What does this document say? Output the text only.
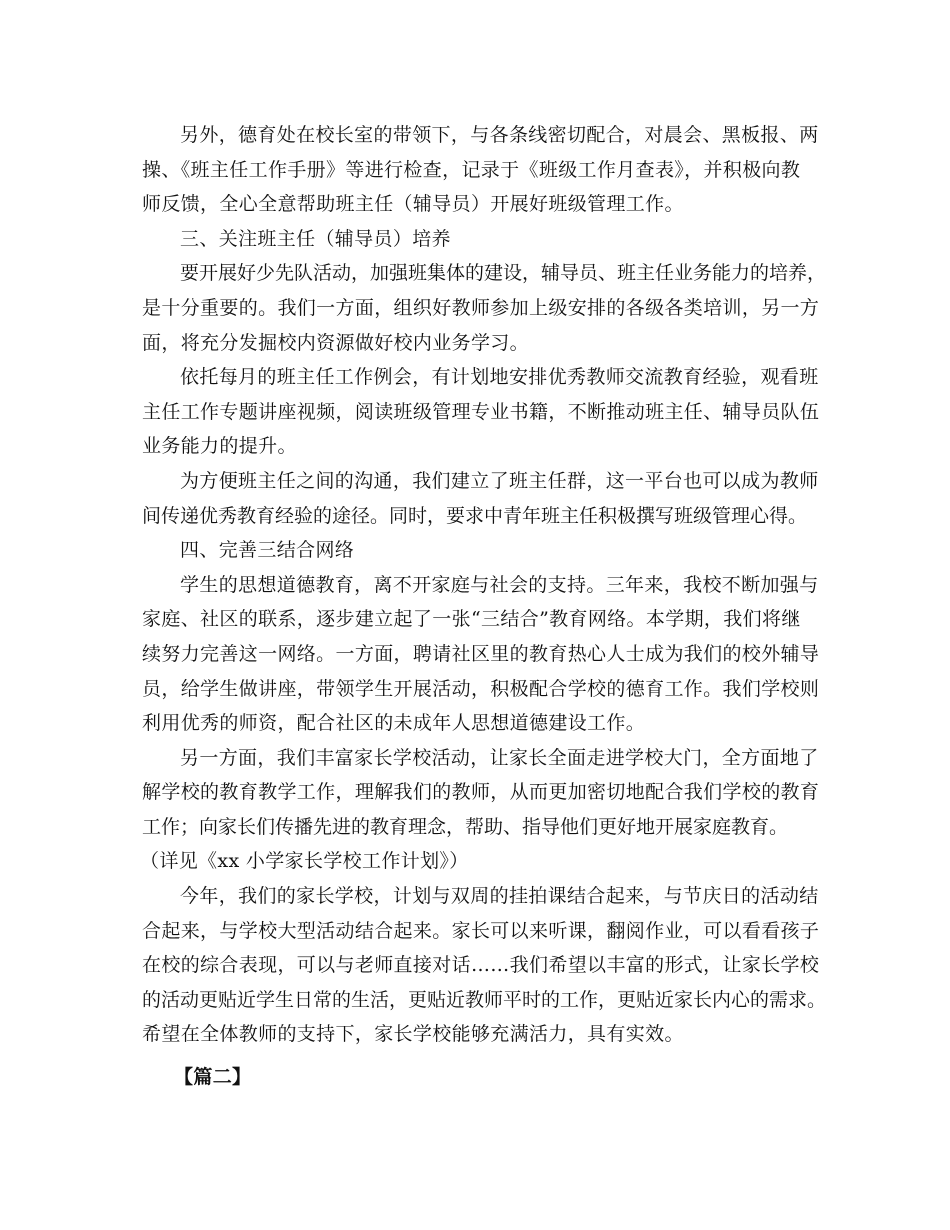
另外，德育处在校长室的带领下，与各条线密切配合，对晨会、黑板报、两
操、《班主任工作手册》等进行检查，记录于《班级工作月查表》，并积极向教
师反馈，全心全意帮助班主任（辅导员）开展好班级管理工作。
三、关注班主任（辅导员）培养
要开展好少先队活动，加强班集体的建设，辅导员、班主任业务能力的培养，
是十分重要的。我们一方面，组织好教师参加上级安排的各级各类培训，另一方
面，将充分发掘校内资源做好校内业务学习。
依托每月的班主任工作例会，有计划地安排优秀教师交流教育经验，观看班
主任工作专题讲座视频，阅读班级管理专业书籍，不断推动班主任、辅导员队伍
业务能力的提升。
为方便班主任之间的沟通，我们建立了班主任群，这一平台也可以成为教师
间传递优秀教育经验的途径。同时，要求中青年班主任积极撰写班级管理心得。
四、完善三结合网络
学生的思想道德教育，离不开家庭与社会的支持。三年来，我校不断加强与
家庭、社区的联系，逐步建立起了一张“三结合”教育网络。本学期，我们将继
续努力完善这一网络。一方面，聘请社区里的教育热心人士成为我们的校外辅导
员，给学生做讲座，带领学生开展活动，积极配合学校的德育工作。我们学校则
利用优秀的师资，配合社区的未成年人思想道德建设工作。
另一方面，我们丰富家长学校活动，让家长全面走进学校大门，全方面地了
解学校的教育教学工作，理解我们的教师，从而更加密切地配合我们学校的教育
工作；向家长们传播先进的教育理念，帮助、指导他们更好地开展家庭教育。
（详见《xx 小学家长学校工作计划》）
今年，我们的家长学校，计划与双周的挂拍课结合起来，与节庆日的活动结
合起来，与学校大型活动结合起来。家长可以来听课，翻阅作业，可以看看孩子
在校的综合表现，可以与老师直接对话……我们希望以丰富的形式，让家长学校
的活动更贴近学生日常的生活，更贴近教师平时的工作，更贴近家长内心的需求。
希望在全体教师的支持下，家长学校能够充满活力，具有实效。
【篇二】
